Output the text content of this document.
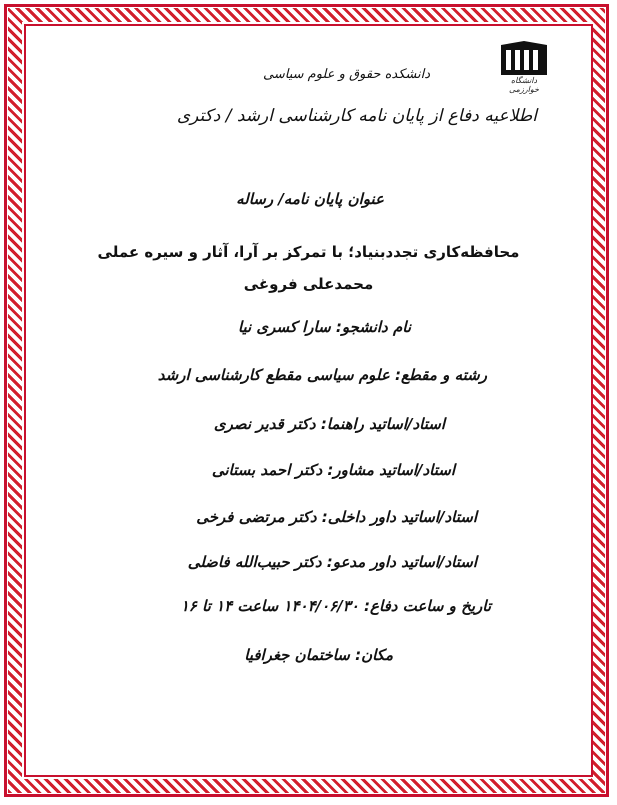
دانشگاه خوارزمی
دانشکده حقوق و علوم سیاسی
اطلاعیه دفاع از پایان نامه کارشناسی ارشد / دکتری
عنوان پایان نامه/ رساله
محافظه‌کاری تجددبنیاد؛ با تمرکز بر آرا، آثار و سیره عملی محمدعلی فروغی
نام دانشجو: سارا کسری نیا
رشته و مقطع: علوم سیاسی مقطع کارشناسی ارشد
استاد/اساتید راهنما: دکتر قدیر نصری
استاد/اساتید مشاور: دکتر احمد بستانی
استاد/اساتید داور داخلی: دکتر مرتضی فرخی
استاد/اساتید داور مدعو: دکتر حبیب‌الله فاضلی
تاریخ و ساعت دفاع: ۱۴۰۴/۰۶/۳۰ ساعت ۱۴ تا ۱۶
مکان: ساختمان جغرافیا
